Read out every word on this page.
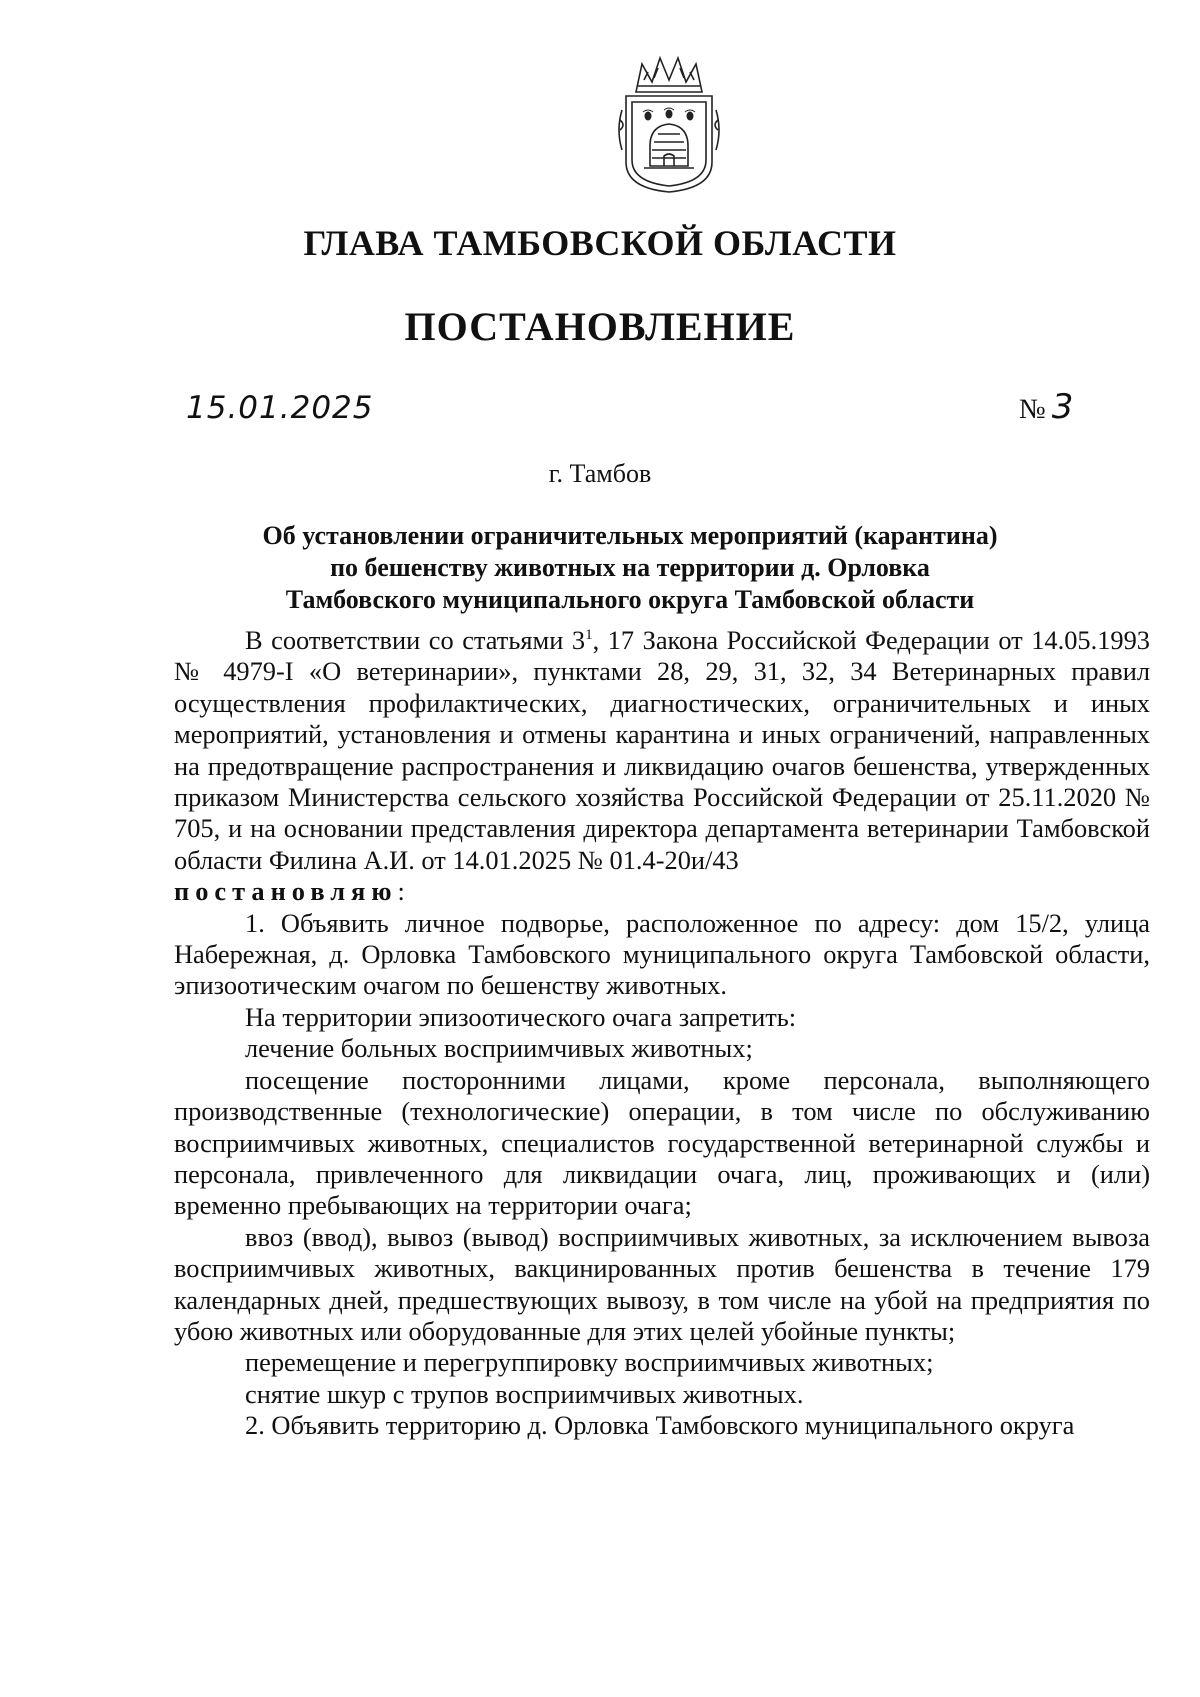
ГЛАВА ТАМБОВСКОЙ ОБЛАСТИ
ПОСТАНОВЛЕНИЕ
15.01.2025	№ 3
г. Тамбов
Об установлении ограничительных мероприятий (карантина)
по бешенству животных на территории д. Орловка
Тамбовского муниципального округа Тамбовской области

В соответствии со статьями $3^1$, 17 Закона Российской Федерации от 14.05.1993 № 4979-I «О ветеринарии», пунктами 28, 29, 31, 32, 34 Ветеринарных правил осуществления профилактических, диагностических, ограничительных и иных мероприятий, установления и отмены карантина и иных ограничений, направленных на предотвращение распространения и ликвидацию очагов бешенства, утвержденных приказом Министерства сельского хозяйства Российской Федерации от 25.11.2020 № 705, и на основании представления директора департамента ветеринарии Тамбовской области Филина А.И. от 14.01.2025 № 01.4-20и/43

постановляю:

1. Объявить личное подворье, расположенное по адресу: дом 15/2, улица Набережная, д. Орловка Тамбовского муниципального округа Тамбовской области, эпизоотическим очагом по бешенству животных.

На территории эпизоотического очага запретить:

лечение больных восприимчивых животных;

посещение посторонними лицами, кроме персонала, выполняющего производственные (технологические) операции, в том числе по обслуживанию восприимчивых животных, специалистов государственной ветеринарной службы и персонала, привлеченного для ликвидации очага, лиц, проживающих и (или) временно пребывающих на территории очага;

ввоз (ввод), вывоз (вывод) восприимчивых животных, за исключением вывоза восприимчивых животных, вакцинированных против бешенства в течение 179 календарных дней, предшествующих вывозу, в том числе на убой на предприятия по убою животных или оборудованные для этих целей убойные пункты;

перемещение и перегруппировку восприимчивых животных;

снятие шкур с трупов восприимчивых животных.

2. Объявить территорию д. Орловка Тамбовского муниципального округа
